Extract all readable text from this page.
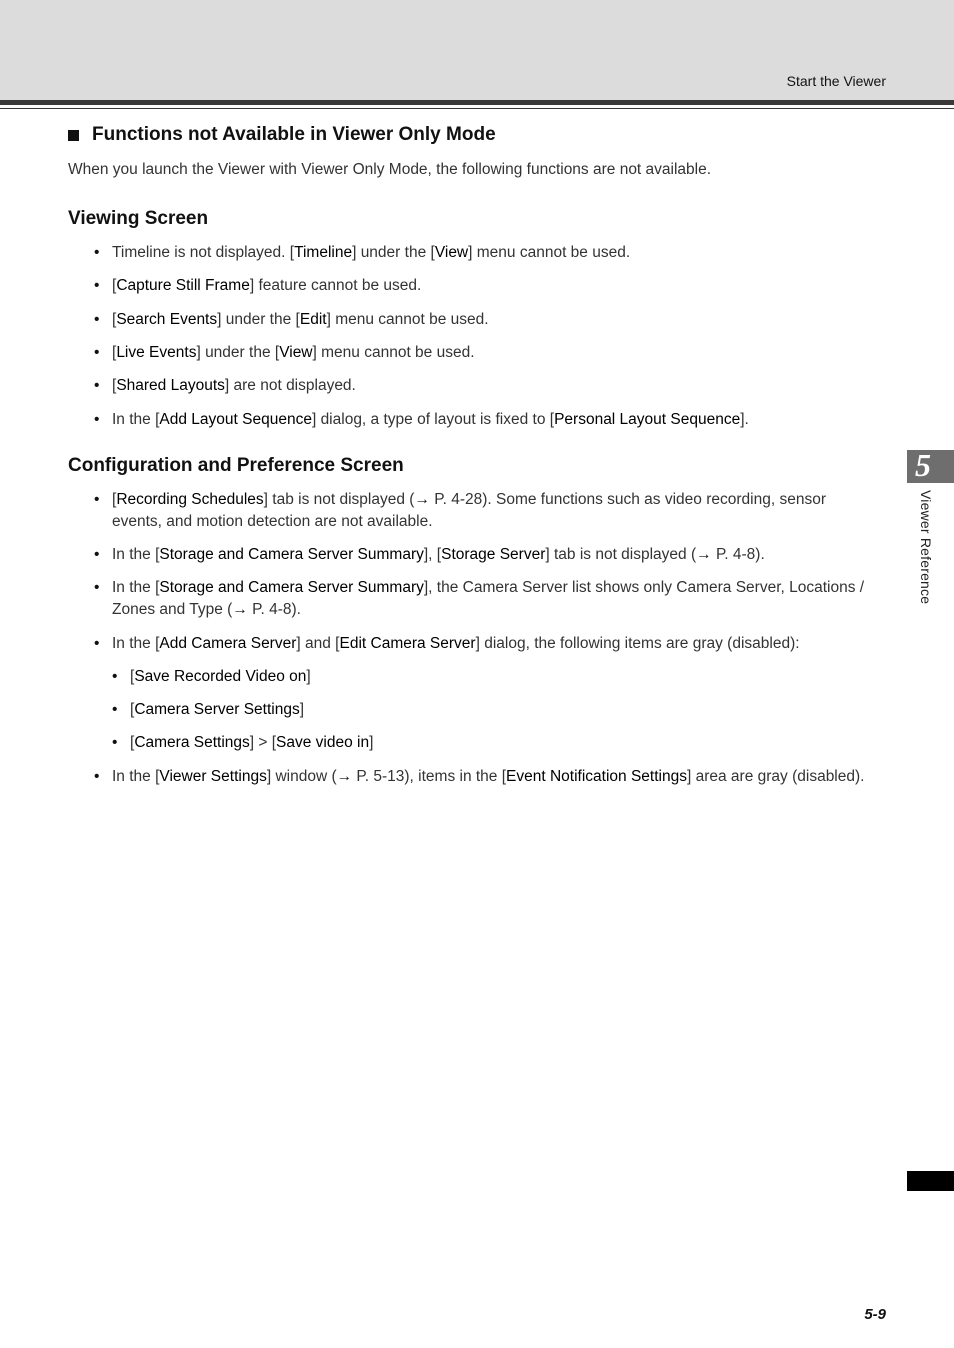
Start the Viewer
Functions not Available in Viewer Only Mode

When you launch the Viewer with Viewer Only Mode, the following functions are not available.

Viewing Screen
• Timeline is not displayed. [Timeline] under the [View] menu cannot be used.
• [Capture Still Frame] feature cannot be used.
• [Search Events] under the [Edit] menu cannot be used.
• [Live Events] under the [View] menu cannot be used.
• [Shared Layouts] are not displayed.
• In the [Add Layout Sequence] dialog, a type of layout is fixed to [Personal Layout Sequence].
Configuration and Preference Screen
• [Recording Schedules] tab is not displayed (→ P. 4-28). Some functions such as video recording, sensor events, and motion detection are not available.
• In the [Storage and Camera Server Summary], [Storage Server] tab is not displayed (→ P. 4-8).
• In the [Storage and Camera Server Summary], the Camera Server list shows only Camera Server, Locations / Zones and Type (→ P. 4-8).
• In the [Add Camera Server] and [Edit Camera Server] dialog, the following items are gray (disabled):
• [Save Recorded Video on]
• [Camera Server Settings]
• [Camera Settings] > [Save video in]
• In the [Viewer Settings] window (→ P. 5-13), items in the [Event Notification Settings] area are gray (disabled).
5
Viewer Reference
5-9
